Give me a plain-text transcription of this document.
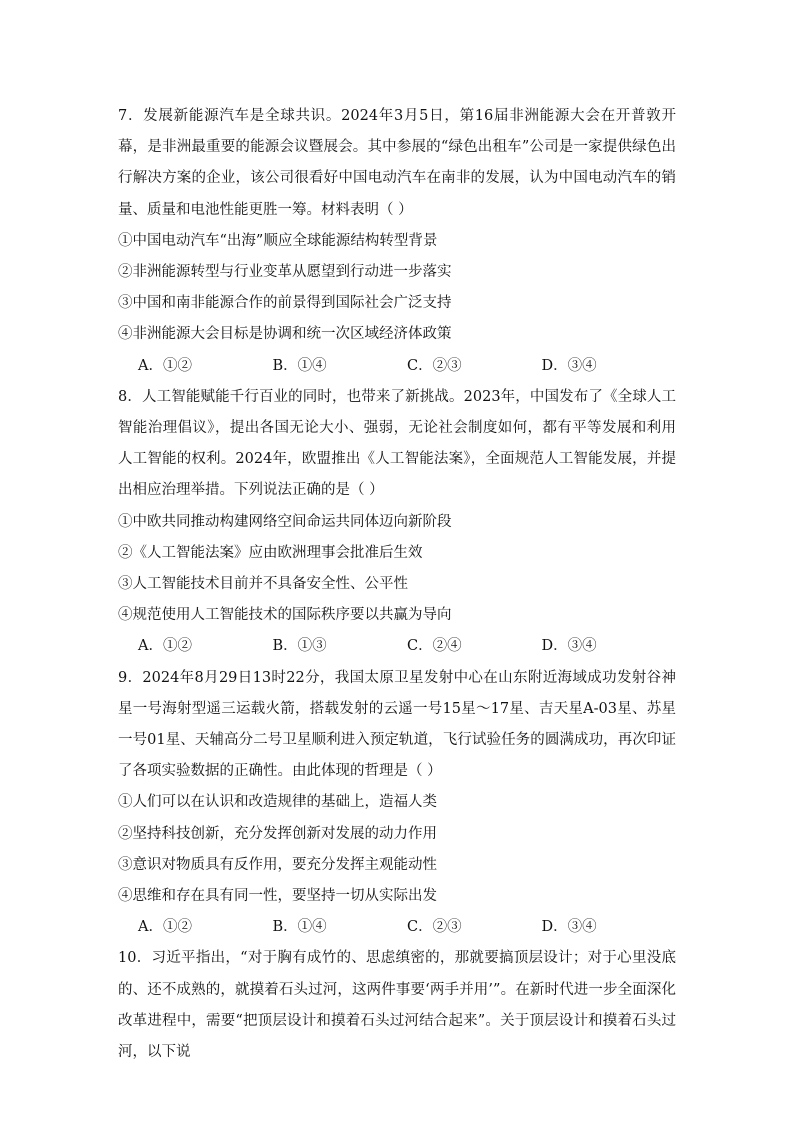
7．发展新能源汽车是全球共识。2024年3月5日，第16届非洲能源大会在开普敦开幕，是非洲最重要的能源会议暨展会。其中参展的“绿色出租车”公司是一家提供绿色出行解决方案的企业，该公司很看好中国电动汽车在南非的发展，认为中国电动汽车的销量、质量和电池性能更胜一筹。材料表明（ ）

①中国电动汽车“出海”顺应全球能源结构转型背景

②非洲能源转型与行业变革从愿望到行动进一步落实

③中国和南非能源合作的前景得到国际社会广泛支持

④非洲能源大会目标是协调和统一次区域经济体政策

A．①②	B．①④	C．②③	D．③④

8．人工智能赋能千行百业的同时，也带来了新挑战。2023年，中国发布了《全球人工智能治理倡议》，提出各国无论大小、强弱，无论社会制度如何，都有平等发展和利用人工智能的权利。2024年，欧盟推出《人工智能法案》，全面规范人工智能发展，并提出相应治理举措。下列说法正确的是（ ）

①中欧共同推动构建网络空间命运共同体迈向新阶段

②《人工智能法案》应由欧洲理事会批准后生效

③人工智能技术目前并不具备安全性、公平性

④规范使用人工智能技术的国际秩序要以共赢为导向

A．①②	B．①③	C．②④	D．③④

9．2024年8月29日13时22分，我国太原卫星发射中心在山东附近海域成功发射谷神星一号海射型遥三运载火箭，搭载发射的云遥一号15星～17星、吉天星A-03星、苏星一号01星、天辅高分二号卫星顺利进入预定轨道，飞行试验任务的圆满成功，再次印证了各项实验数据的正确性。由此体现的哲理是（ ）

①人们可以在认识和改造规律的基础上，造福人类

②坚持科技创新，充分发挥创新对发展的动力作用

③意识对物质具有反作用，要充分发挥主观能动性

④思维和存在具有同一性，要坚持一切从实际出发

A．①②	B．①④	C．②③	D．③④

10．习近平指出，“对于胸有成竹的、思虑缜密的，那就要搞顶层设计；对于心里没底的、还不成熟的，就摸着石头过河，这两件事要‘两手并用’”。在新时代进一步全面深化改革进程中，需要“把顶层设计和摸着石头过河结合起来”。关于顶层设计和摸着石头过河，以下说
